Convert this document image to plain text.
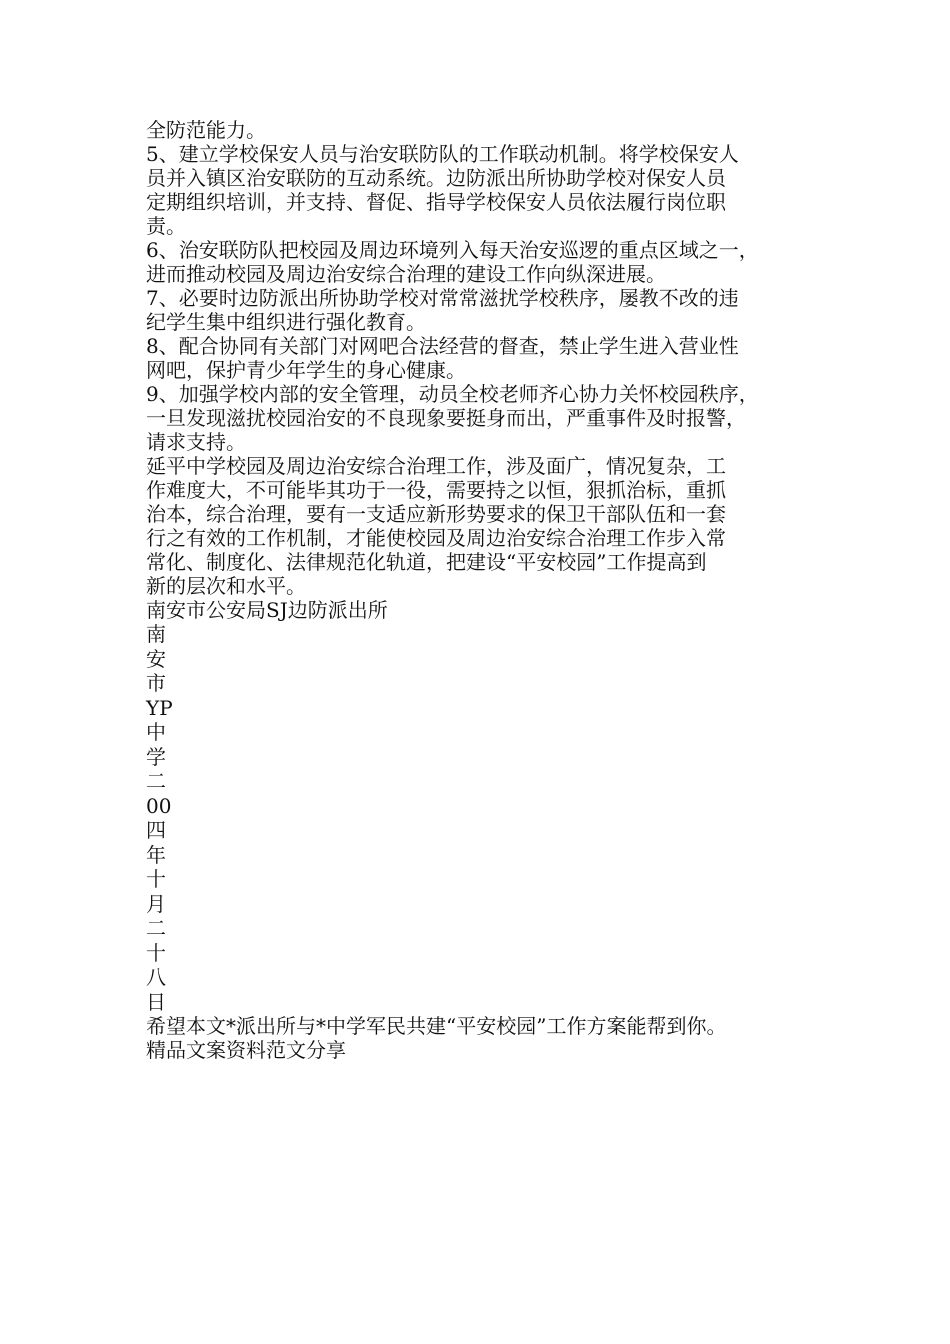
全防范能力。
5、建立学校保安人员与治安联防队的工作联动机制。将学校保安人
员并入镇区治安联防的互动系统。边防派出所协助学校对保安人员
定期组织培训，并支持、督促、指导学校保安人员依法履行岗位职
责。
6、治安联防队把校园及周边环境列入每天治安巡逻的重点区域之一，
进而推动校园及周边治安综合治理的建设工作向纵深进展。
7、必要时边防派出所协助学校对常常滋扰学校秩序，屡教不改的违
纪学生集中组织进行强化教育。
8、配合协同有关部门对网吧合法经营的督查，禁止学生进入营业性
网吧，保护青少年学生的身心健康。
9、加强学校内部的安全管理，动员全校老师齐心协力关怀校园秩序，
一旦发现滋扰校园治安的不良现象要挺身而出，严重事件及时报警，
请求支持。
延平中学校园及周边治安综合治理工作，涉及面广，情况复杂，工
作难度大，不可能毕其功于一役，需要持之以恒，狠抓治标，重抓
治本，综合治理，要有一支适应新形势要求的保卫干部队伍和一套
行之有效的工作机制，才能使校园及周边治安综合治理工作步入常
常化、制度化、法律规范化轨道，把建设“平安校园”工作提高到
新的层次和水平。
南安市公安局SJ边防派出所
南
安
市
YP
中
学
二
00
四
年
十
月
二
十
八
日
希望本文*派出所与*中学军民共建“平安校园”工作方案能帮到你。
精品文案资料范文分享
